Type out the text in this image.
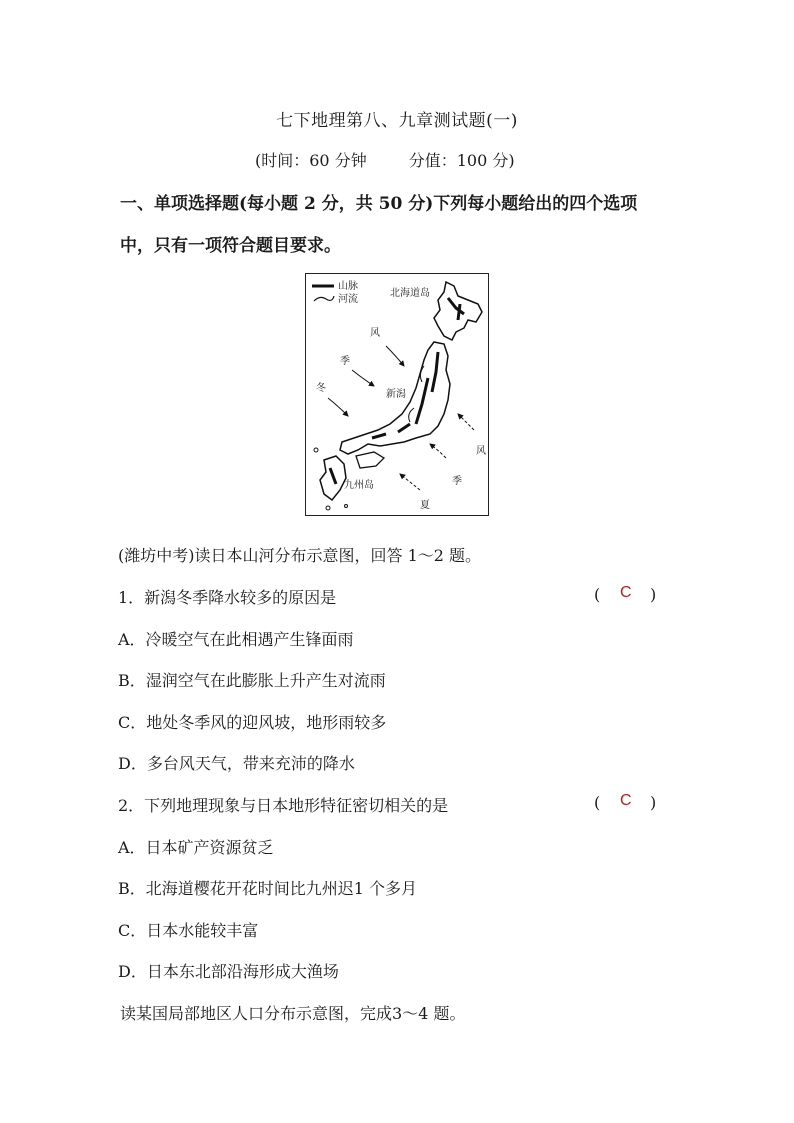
七下地理第八、九章测试题(一)
(时间：60 分钟	分值：100 分)
一、单项选择题(每小题 2 分，共 50 分)下列每小题给出的四个选项
中，只有一项符合题目要求。
山脉
河流
北海道岛
新潟
九州岛
风
季
冬
风
季
夏
(潍坊中考)读日本山河分布示意图，回答 1～2 题。
1．新潟冬季降水较多的原因是	( C )
A．冷暖空气在此相遇产生锋面雨
B．湿润空气在此膨胀上升产生对流雨
C．地处冬季风的迎风坡，地形雨较多
D．多台风天气，带来充沛的降水
2．下列地理现象与日本地形特征密切相关的是	( C )
A．日本矿产资源贫乏
B．北海道樱花开花时间比九州迟1 个多月
C．日本水能较丰富
D．日本东北部沿海形成大渔场
读某国局部地区人口分布示意图，完成3～4 题。
